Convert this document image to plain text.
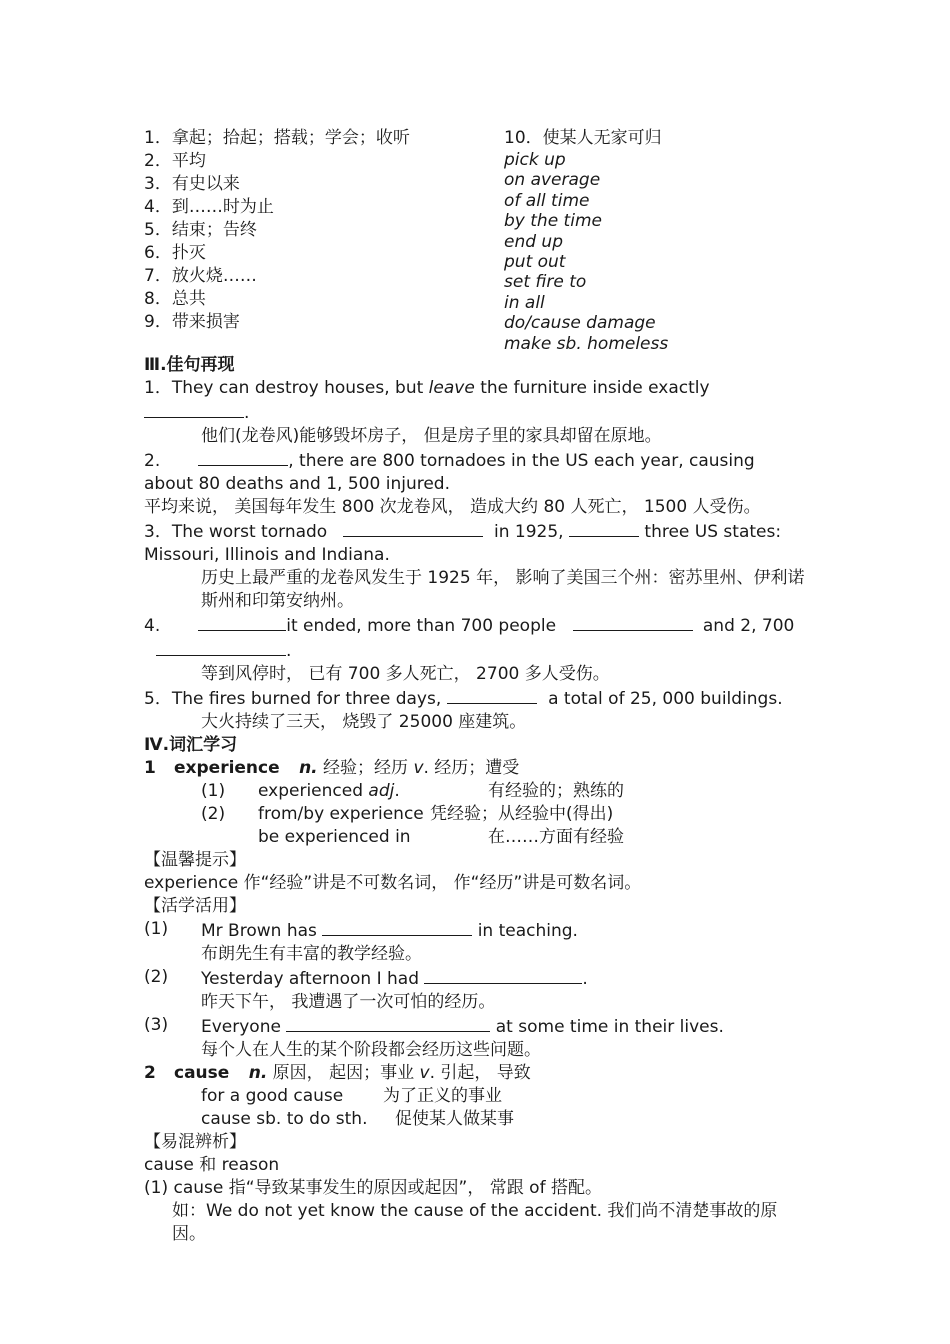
1．拿起；拾起；搭载；学会；收听
2．平均
3．有史以来
4．到……时为止
5．结束；告终
6．扑灭
7．放火烧……
8．总共
9．带来损害
10．使某人无家可归
pick up
on average
of all time
by the time
end up
put out
set fire to
in all
do/cause damage
make sb. homeless
Ⅲ.佳句再现
1．They can destroy houses, but leave the furniture inside exactly .
他们(龙卷风)能够毁坏房子， 但是房子里的家具却留在原地。
2.	, there are 800 tornadoes in the US each year, causing about 80 deaths and 1, 500 injured.
平均来说， 美国每年发生 800 次龙卷风， 造成大约 80 人死亡， 1500 人受伤。
3．The worst tornado	in 1925,	three US states: Missouri, Illinois and Indiana.
历史上最严重的龙卷风发生于 1925 年， 影响了美国三个州：密苏里州、伊利诺斯州和印第安纳州。
4.	it ended, more than 700 people	and 2, 700 .
等到风停时， 已有 700 多人死亡， 2700 多人受伤。
5．The fires burned for three days,	a total of 25, 000 buildings.
大火持续了三天， 烧毁了 25000 座建筑。
Ⅳ.词汇学习
1 experience n. 经验；经历 v. 经历；遭受
(1)	experienced adj.	有经验的；熟练的
(2)	from/by experience 凭经验；从经验中(得出)
be experienced in	在……方面有经验
【温馨提示】
experience 作“经验”讲是不可数名词， 作“经历”讲是可数名词。
【活学活用】
(1)	Mr Brown has	in teaching.
布朗先生有丰富的教学经验。
(2)	Yesterday afternoon I had	.
昨天下午， 我遭遇了一次可怕的经历。
(3)	Everyone	at some time in their lives.
每个人在人生的某个阶段都会经历这些问题。
2 cause n. 原因， 起因；事业 v. 引起， 导致
for a good cause	为了正义的事业
cause sb. to do sth.	促使某人做某事
【易混辨析】
cause 和 reason
(1) cause 指“导致某事发生的原因或起因”， 常跟 of 搭配。
如：We do not yet know the cause of the accident. 我们尚不清楚事故的原因。
